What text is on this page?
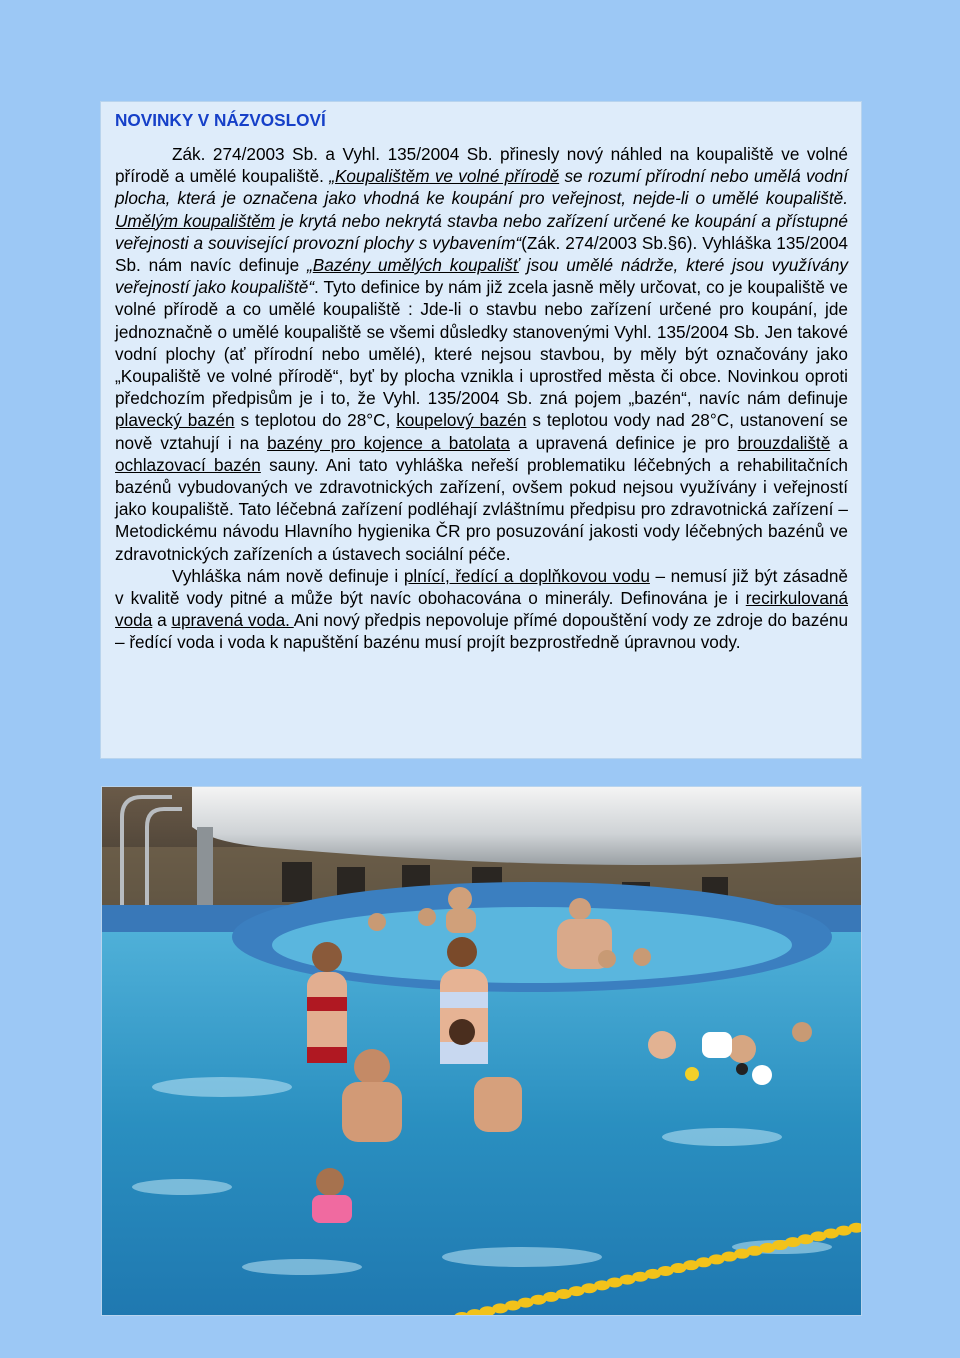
NOVINKY V NÁZVOSLOVÍ

Zák. 274/2003 Sb. a Vyhl. 135/2004 Sb. přinesly nový náhled na koupaliště ve volné přírodě a umělé koupaliště. „Koupalištěm ve volné přírodě se rozumí přírodní nebo umělá vodní plocha, která je označena jako vhodná ke koupání pro veřejnost, nejde-li o umělé koupaliště. Umělým koupalištěm je krytá nebo nekrytá stavba nebo zařízení určené ke koupání a přístupné veřejnosti a související provozní plochy s vybavením“(Zák. 274/2003 Sb.§6). Vyhláška 135/2004 Sb. nám navíc definuje „Bazény umělých koupališť jsou umělé nádrže, které jsou využívány veřejností jako koupaliště“. Tyto definice by nám již zcela jasně měly určovat, co je koupaliště ve volné přírodě a co umělé koupaliště : Jde-li o stavbu nebo zařízení určené pro koupání, jde jednoznačně o umělé koupaliště se všemi důsledky stanovenými Vyhl. 135/2004 Sb. Jen takové vodní plochy (ať přírodní nebo umělé), které nejsou stavbou, by měly být označovány jako „Koupaliště ve volné přírodě“, byť by plocha vznikla i uprostřed města či obce. Novinkou oproti předchozím předpisům je i to, že Vyhl. 135/2004 Sb. zná pojem „bazén“, navíc nám definuje plavecký bazén s teplotou do 28°C, koupelový bazén s teplotou vody nad 28°C, ustanovení se nově vztahují i na bazény pro kojence a batolata a upravená definice je pro brouzdaliště a ochlazovací bazén sauny. Ani tato vyhláška neřeší problematiku léčebných a rehabilitačních bazénů vybudovaných ve zdravotnických zařízení, ovšem pokud nejsou využívány i veřejností jako koupaliště. Tato léčebná zařízení podléhají zvláštnímu předpisu pro zdravotnická zařízení – Metodickému návodu Hlavního hygienika ČR pro posuzování jakosti vody léčebných bazénů ve zdravotnických zařízeních a ústavech sociální péče.

Vyhláška nám nově definuje i plnící, ředící a doplňkovou vodu – nemusí již být zásadně v kvalitě vody pitné a může být navíc obohacována o minerály. Definována je i recirkulovaná voda a upravená voda. Ani nový předpis nepovoluje přímé dopouštění vody ze zdroje do bazénu – ředící voda i voda k napuštění bazénu musí projít bezprostředně úpravnou vody.
